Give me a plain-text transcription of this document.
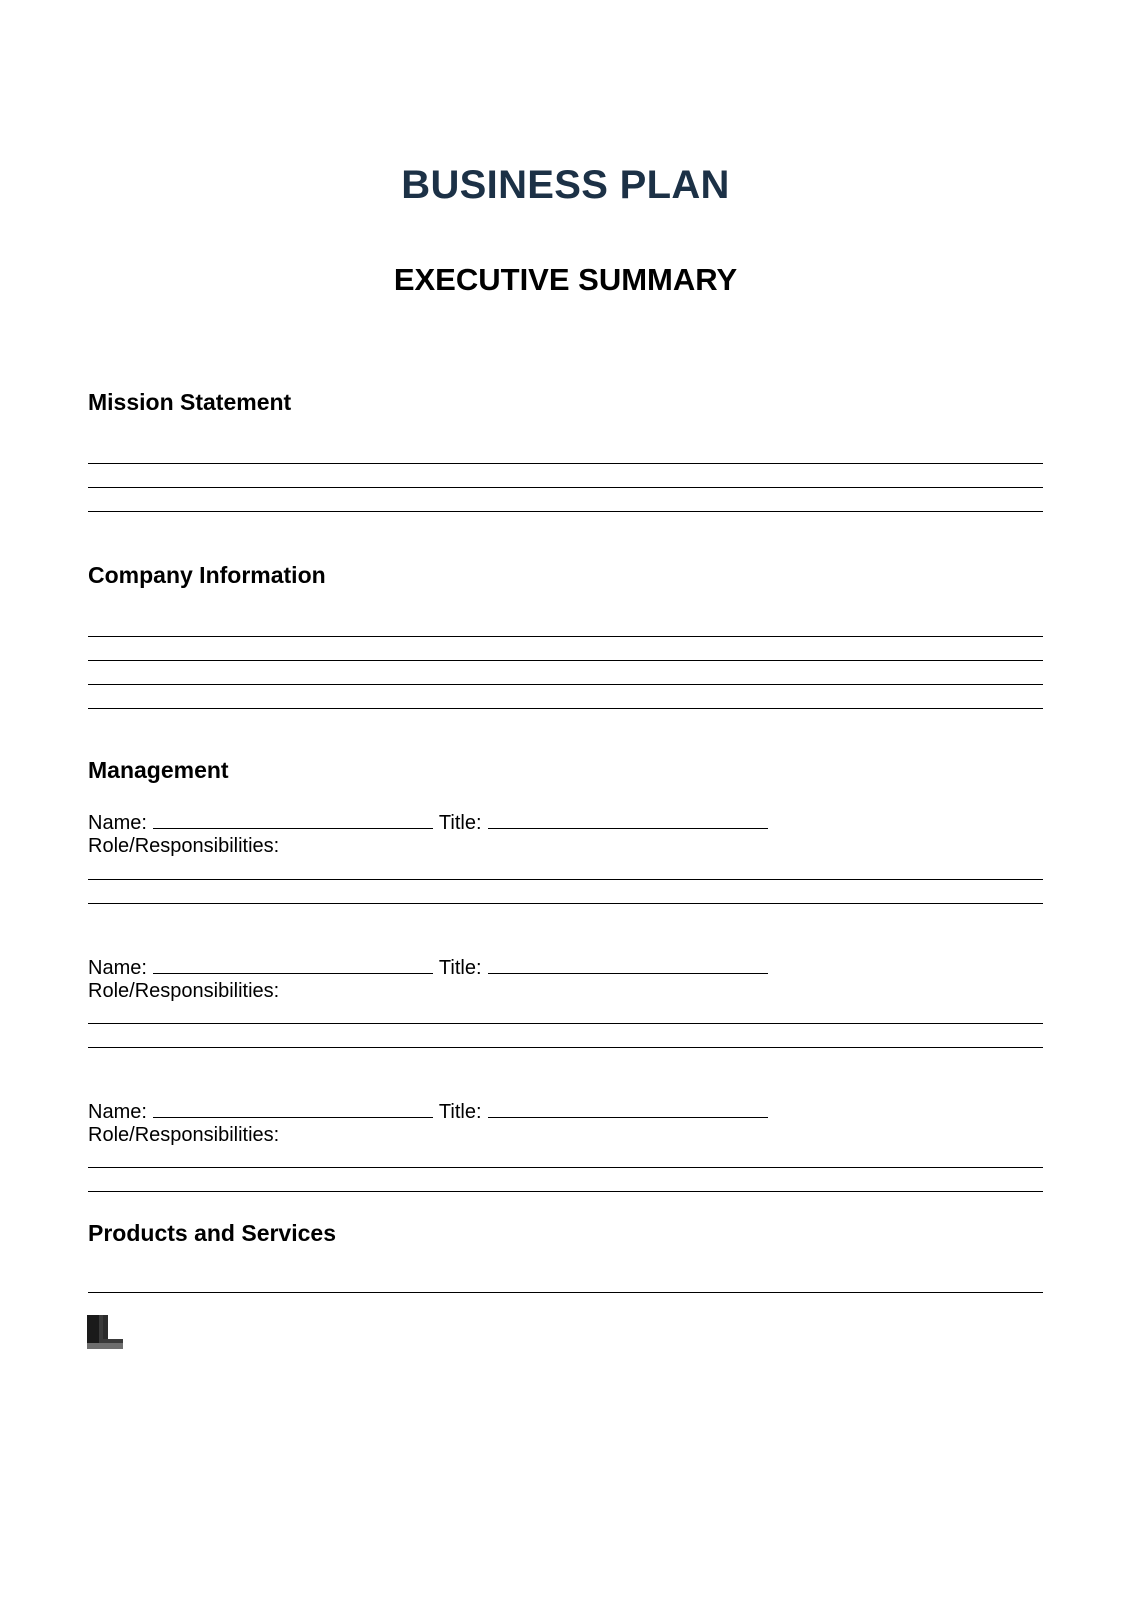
BUSINESS PLAN
EXECUTIVE SUMMARY
Mission Statement
Company Information
Management
Name:	Title:
Role/Responsibilities:
Name:	Title:
Role/Responsibilities:
Name:	Title:
Role/Responsibilities:
Products and Services
